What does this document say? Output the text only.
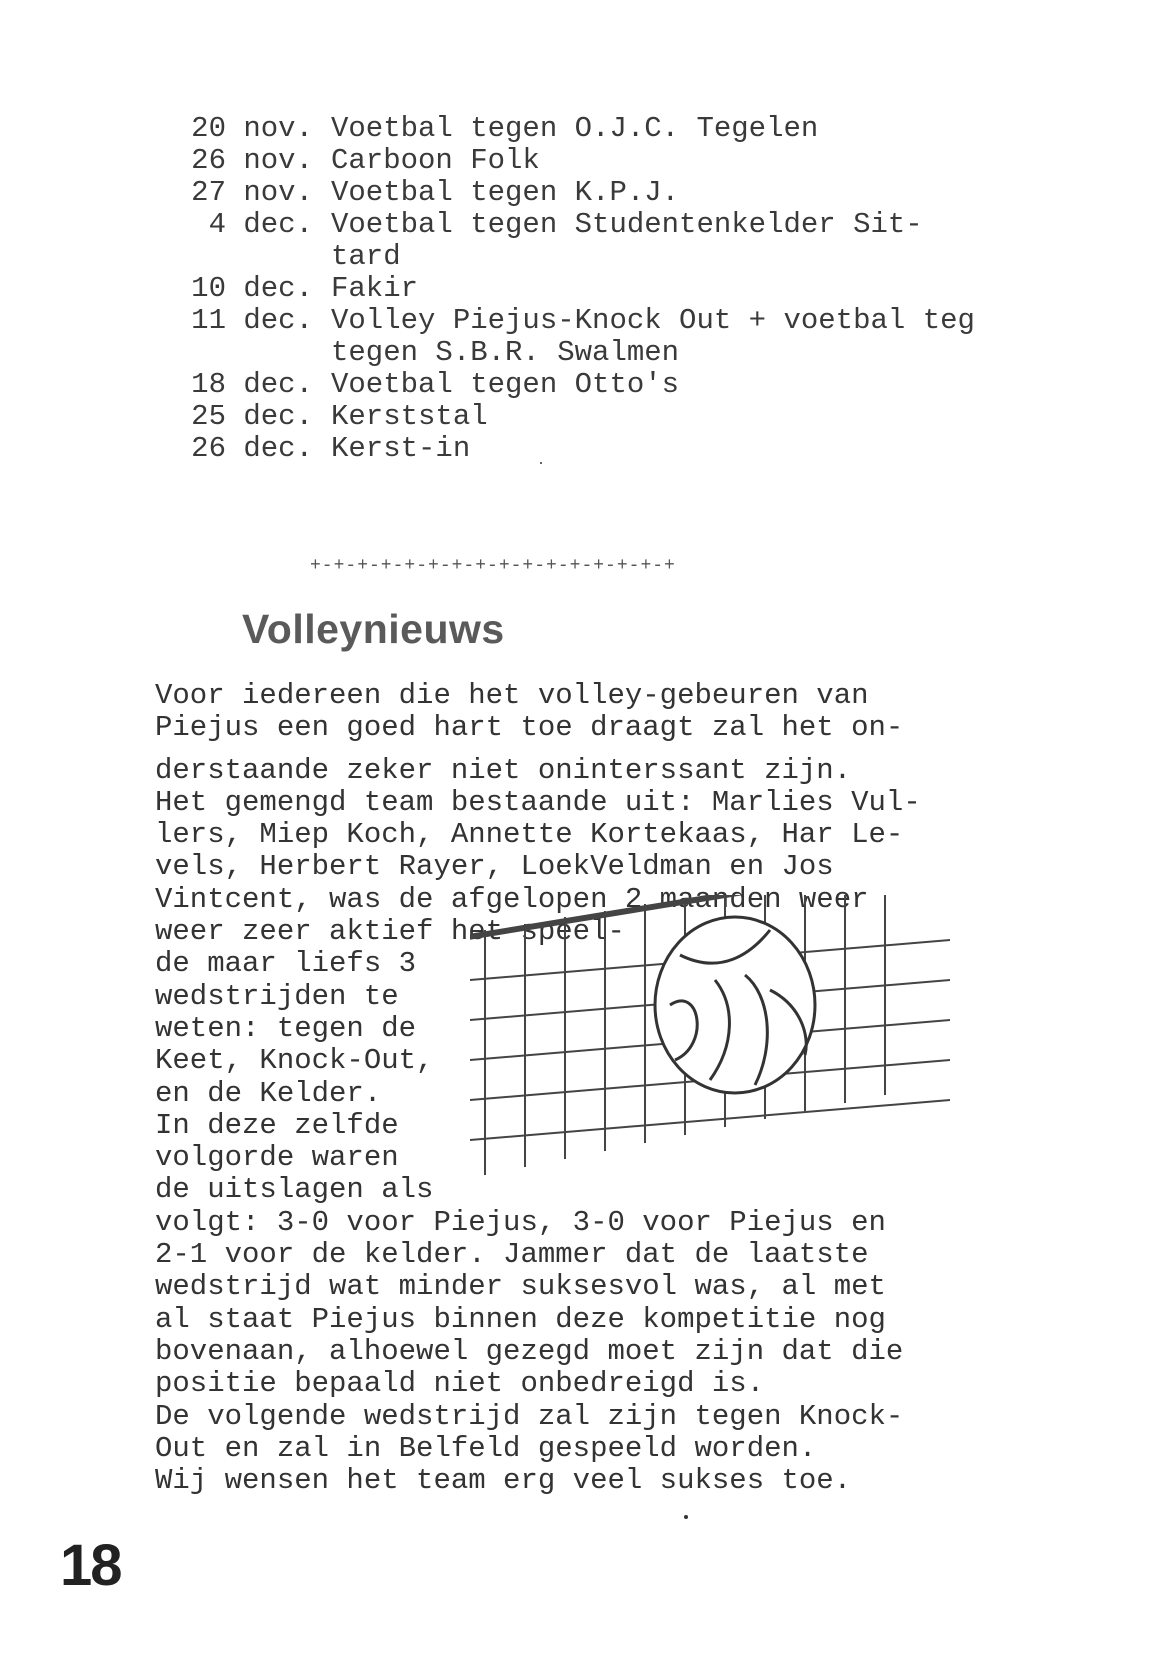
20 nov. Voetbal tegen O.J.C. Tegelen
26 nov. Carboon Folk
27 nov. Voetbal tegen K.P.J.
4 dec. Voetbal tegen Studentenkelder Sit-
tard
10 dec. Fakir
11 dec. Volley Piejus-Knock Out + voetbal teg
tegen S.B.R. Swalmen
18 dec. Voetbal tegen Otto's
25 dec. Kerststal
26 dec. Kerst-in
+-+-+-+-+-+-+-+-+-+-+-+-+-+-+-+
Volleynieuws
Voor iedereen die het volley-gebeuren van
Piejus een goed hart toe draagt zal het on-
derstaande zeker niet oninterssant zijn.
Het gemengd team bestaande uit: Marlies Vul-
lers, Miep Koch, Annette Kortekaas, Har Le-
vels, Herbert Rayer, LoekVeldman en Jos
Vintcent, was de afgelopen 2 maanden weer
weer zeer aktief het speel-
de maar liefs 3
wedstrijden te
weten: tegen de
Keet, Knock-Out,
en de Kelder.
In deze zelfde
volgorde waren
de uitslagen als
volgt: 3-0 voor Piejus, 3-0 voor Piejus en
2-1 voor de kelder. Jammer dat de laatste
wedstrijd wat minder suksesvol was, al met
al staat Piejus binnen deze kompetitie nog
bovenaan, alhoewel gezegd moet zijn dat die
positie bepaald niet onbedreigd is.
De volgende wedstrijd zal zijn tegen Knock-
Out en zal in Belfeld gespeeld worden.
Wij wensen het team erg veel sukses toe.
18
